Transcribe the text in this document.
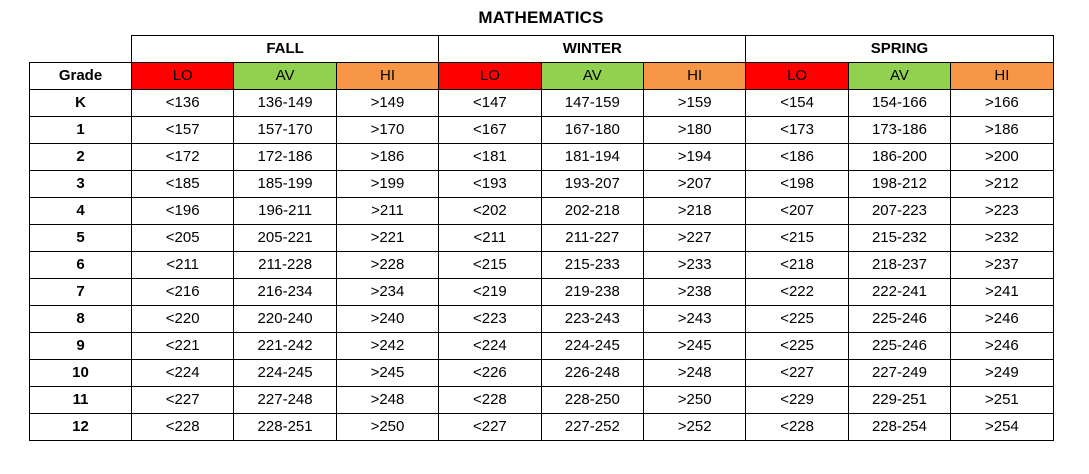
MATHEMATICS
	FALL			WINTER			SPRING		
Grade	LO	AV	HI	LO	AV	HI	LO	AV	HI
K	<136	136-149	>149	<147	147-159	>159	<154	154-166	>166
1	<157	157-170	>170	<167	167-180	>180	<173	173-186	>186
2	<172	172-186	>186	<181	181-194	>194	<186	186-200	>200
3	<185	185-199	>199	<193	193-207	>207	<198	198-212	>212
4	<196	196-211	>211	<202	202-218	>218	<207	207-223	>223
5	<205	205-221	>221	<211	211-227	>227	<215	215-232	>232
6	<211	211-228	>228	<215	215-233	>233	<218	218-237	>237
7	<216	216-234	>234	<219	219-238	>238	<222	222-241	>241
8	<220	220-240	>240	<223	223-243	>243	<225	225-246	>246
9	<221	221-242	>242	<224	224-245	>245	<225	225-246	>246
10	<224	224-245	>245	<226	226-248	>248	<227	227-249	>249
11	<227	227-248	>248	<228	228-250	>250	<229	229-251	>251
12	<228	228-251	>250	<227	227-252	>252	<228	228-254	>254
